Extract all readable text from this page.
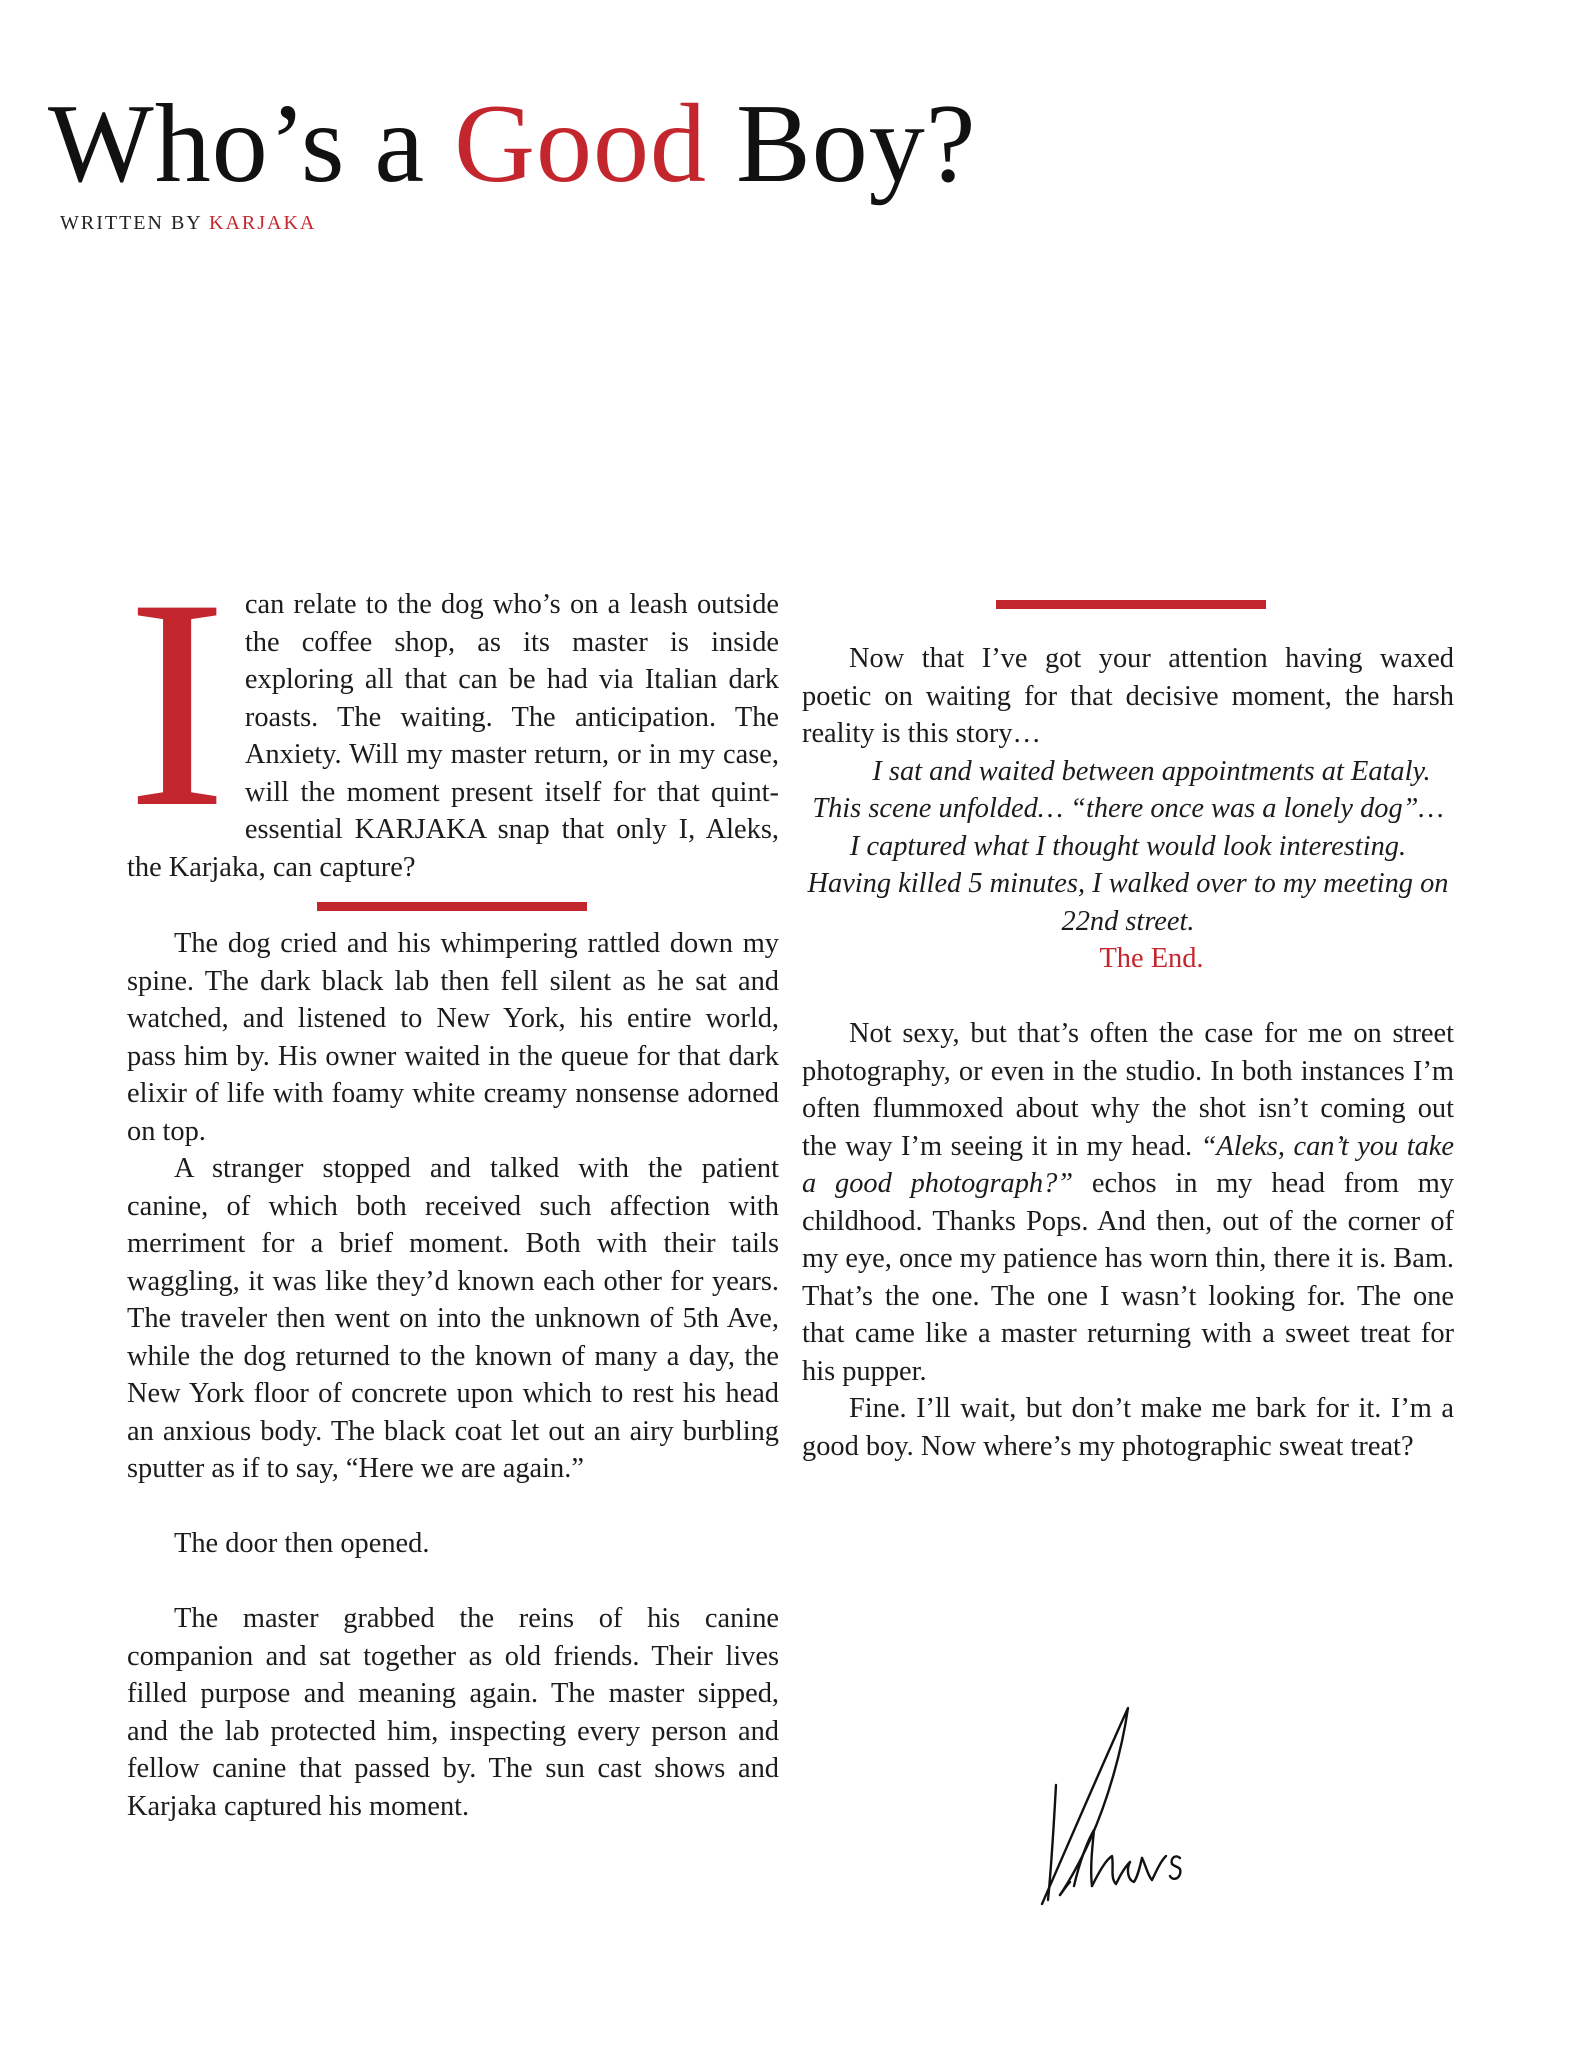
Who’s a Good Boy?
WRITTEN BY KARJAKA

Ican relate to the dog who’s on a leash outside the coffee shop, as its master is inside exploring all that can be had via Italian dark roasts. The waiting. The anticipation. The Anxiety. Will my master return, or in my case, will the moment present itself for that quintessential KARJAKA snap that only I, Aleks, the Karjaka, can capture?

The dog cried and his whimpering rattled down my spine. The dark black lab then fell silent as he sat and watched, and listened to New York, his entire world, pass him by. His owner waited in the queue for that dark elixir of life with foamy white creamy nonsense adorned on top.

A stranger stopped and talked with the patient canine, of which both received such affection with merriment for a brief moment. Both with their tails waggling, it was like they’d known each other for years. The traveler then went on into the unknown of 5th Ave, while the dog returned to the known of many a day, the New York floor of concrete upon which to rest his head an anxious body. The black coat let out an airy burbling sputter as if to say, “Here we are again.”

The door then opened.

The master grabbed the reins of his canine companion and sat together as old friends. Their lives filled purpose and meaning again. The master sipped, and the lab protected him, inspecting every person and fellow canine that passed by. The sun cast shows and Karjaka captured his moment.

Now that I’ve got your attention having waxed poetic on waiting for that decisive moment, the harsh reality is this story…

I sat and waited between appointments at Eataly. This scene unfolded… “there once was a lonely dog”… I captured what I thought would look interesting. Having killed 5 minutes, I walked over to my meeting on 22nd street.

The End.

Not sexy, but that’s often the case for me on street photography, or even in the studio. In both instances I’m often flummoxed about why the shot isn’t coming out the way I’m seeing it in my head. “Aleks, can’t you take a good photograph?” echos in my head from my childhood. Thanks Pops. And then, out of the corner of my eye, once my patience has worn thin, there it is. Bam. That’s the one. The one I wasn’t looking for. The one that came like a master returning with a sweet treat for his pupper.

Fine. I’ll wait, but don’t make me bark for it. I’m a good boy. Now where’s my photographic sweat treat?
